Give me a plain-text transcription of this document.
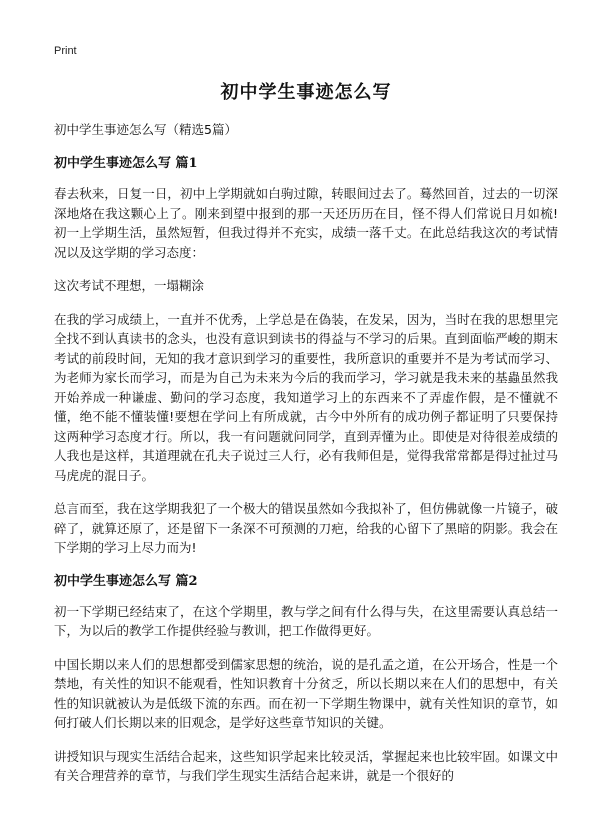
Print
初中学生事迹怎么写
初中学生事迹怎么写（精选5篇）
初中学生事迹怎么写 篇1

春去秋来，日复一日，初中上学期就如白驹过隙，转眼间过去了。蓦然回首，过去的一切深深地烙在我这颗心上了。刚来到望中报到的那一天还历历在目，怪不得人们常说日月如梳!初一上学期生活，虽然短暂，但我过得并不充实，成绩一落千丈。在此总结我这次的考试情况以及这学期的学习态度：

这次考试不理想，一塌糊涂

在我的学习成绩上，一直并不优秀，上学总是在偽装，在发呆，因为，当时在我的思想里完全找不到认真读书的念头，也没有意识到读书的得益与不学习的后果。直到面临严峻的期末考试的前段时间，无知的我才意识到学习的重要性，我所意识的重要并不是为考试而学习、为老师为家长而学习，而是为自己为未来为今后的我而学习，学习就是我未来的基蟲虽然我开始养成一种谦虚、勤问的学习态度，我知道学习上的东西来不了弄虚作假，是不懂就不懂，绝不能不懂装懂!要想在学问上有所成就，古今中外所有的成功例子都证明了只要保持这两种学习态度才行。所以，我一有问题就问同学，直到弄懂为止。即使是对待很差成绩的人我也是这样，其道理就在孔夫子说过三人行，必有我师但是，觉得我常常都是得过扯过马马虎虎的混日子。

总言而至，我在这学期我犯了一个极大的错误虽然如今我拟补了，但仿佛就像一片镜子，破碎了，就算还原了，还是留下一条深不可预测的刀疤，给我的心留下了黑暗的阴影。我会在下学期的学习上尽力而为!

初中学生事迹怎么写 篇2

初一下学期已经结束了，在这个学期里，教与学之间有什么得与失，在这里需要认真总结一下，为以后的教学工作提供经验与教训，把工作做得更好。

中国长期以来人们的思想都受到儒家思想的统治，说的是孔孟之道，在公开场合，性是一个禁地，有关性的知识不能观看，性知识教育十分贫乏，所以长期以来在人们的思想中，有关性的知识就被认为是低级下流的东西。而在初一下学期生物课中，就有关性知识的章节，如何打破人们长期以来的旧观念，是学好这些章节知识的关键。

讲授知识与现实生活结合起来，这些知识学起来比较灵活，掌握起来也比较牢固。如课文中有关合理营养的章节，与我们学生现实生活结合起来讲，就是一个很好的
